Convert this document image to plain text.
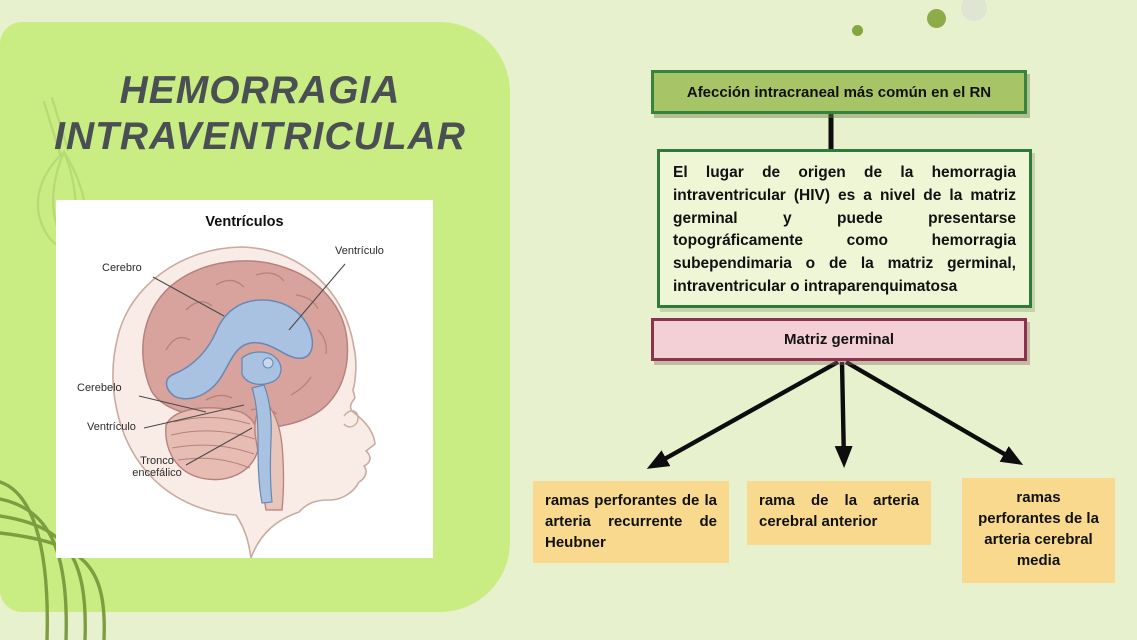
HEMORRAGIA
INTRAVENTRICULAR
Ventrículos
Cerebro
Ventrículo
Cerebelo
Ventrículo
Tronco encefálico
Afección intracraneal más común en el RN
El lugar de origen de la hemorragia intraventricular (HIV) es a nivel de la matriz germinal y puede presentarse topográficamente como hemorragia subependimaria o de la matriz germinal, intraventricular o intraparenquimatosa
Matriz germinal
ramas perforantes de la arteria recurrente de Heubner
rama de la arteria cerebral anterior
ramas perforantes de la arteria cerebral media
